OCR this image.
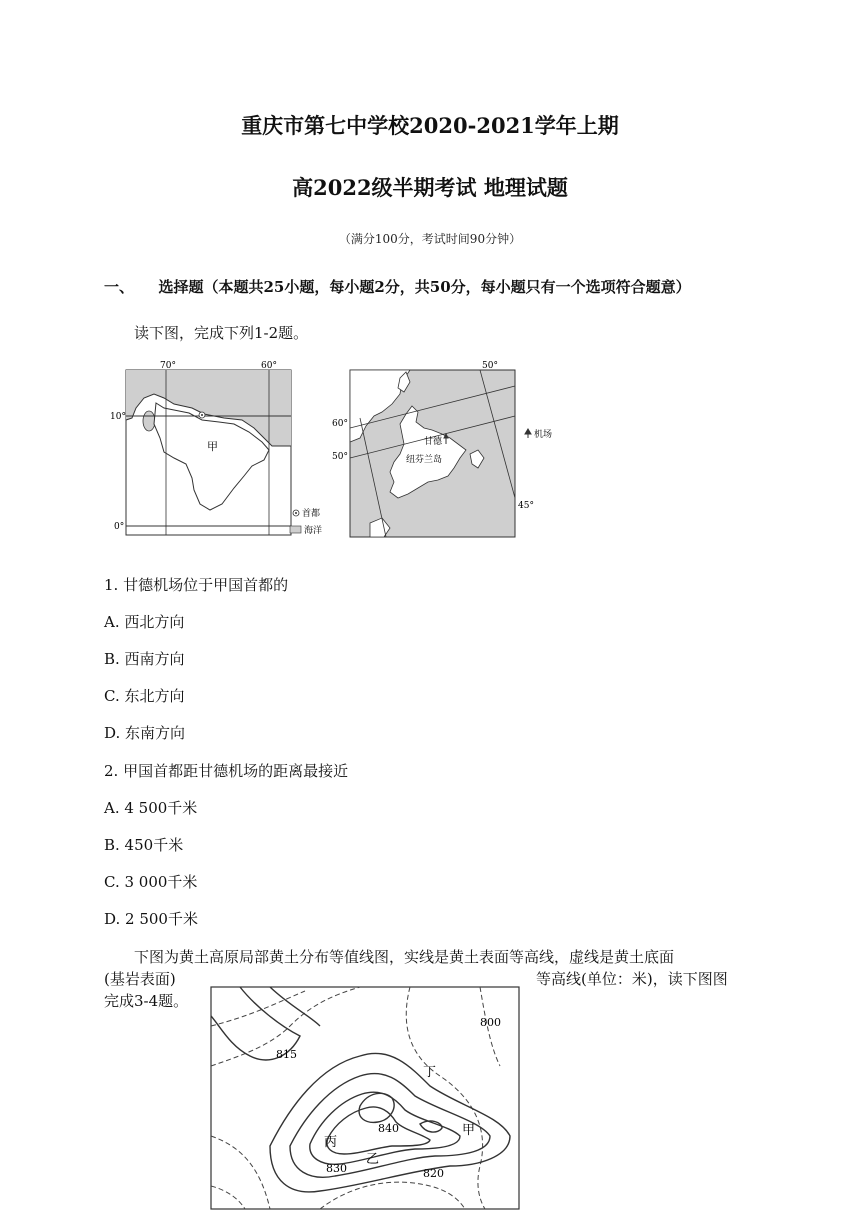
重庆市第七中学校2020-2021学年上期
高2022级半期考试 地理试题
（满分100分，考试时间90分钟）
一、 选择题（本题共25小题，每小题2分，共50分，每小题只有一个选项符合题意）
读下图，完成下列1-2题。
70°	60°
10°
0°
甲
首都
海洋
50°
60°
50°
45°
甘德
纽芬兰岛
机场
1. 甘德机场位于甲国首都的
A. 西北方向
B. 西南方向
C. 东北方向
D. 东南方向
2. 甲国首都距甘德机场的距离最接近
A. 4 500千米
B. 450千米
C. 3 000千米
D. 2 500千米
下图为黄土高原局部黄土分布等值线图，实线是黄土表面等高线，虚线是黄土底面
(基岩表面)	等高线(单位：米)，读下图图
完成3-4题。
800
815
840
830	820
丁
甲
丙
乙
